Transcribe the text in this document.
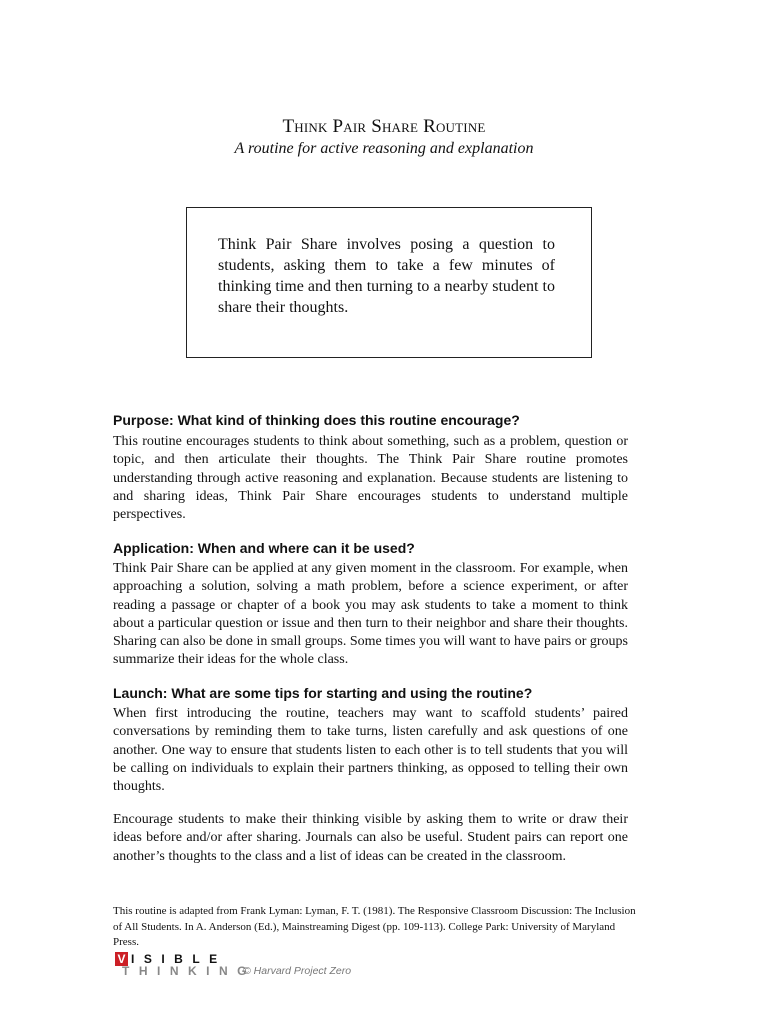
Think Pair Share Routine
A routine for active reasoning and explanation

Think Pair Share involves posing a question to students, asking them to take a few minutes of thinking time and then turning to a nearby student to share their thoughts.

Purpose: What kind of thinking does this routine encourage?

This routine encourages students to think about something, such as a problem, question or topic, and then articulate their thoughts. The Think Pair Share routine promotes understanding through active reasoning and explanation. Because students are listening to and sharing ideas, Think Pair Share encourages students to understand multiple perspectives.

Application: When and where can it be used?

Think Pair Share can be applied at any given moment in the classroom. For example, when approaching a solution, solving a math problem, before a science experiment, or after reading a passage or chapter of a book you may ask students to take a moment to think about a particular question or issue and then turn to their neighbor and share their thoughts. Sharing can also be done in small groups. Some times you will want to have pairs or groups summarize their ideas for the whole class.

Launch: What are some tips for starting and using the routine?

When first introducing the routine, teachers may want to scaffold students’ paired conversations by reminding them to take turns, listen carefully and ask questions of one another. One way to ensure that students listen to each other is to tell students that you will be calling on individuals to explain their partners thinking, as opposed to telling their own thoughts.

Encourage students to make their thinking visible by asking them to write or draw their ideas before and/or after sharing. Journals can also be useful. Student pairs can report one another’s thoughts to the class and a list of ideas can be created in the classroom.

This routine is adapted from Frank Lyman: Lyman, F. T. (1981). The Responsive Classroom Discussion: The Inclusion of All Students. In A. Anderson (Ed.), Mainstreaming Digest (pp. 109-113). College Park: University of Maryland Press.

V ISIBLE
THINKING
© Harvard Project Zero
